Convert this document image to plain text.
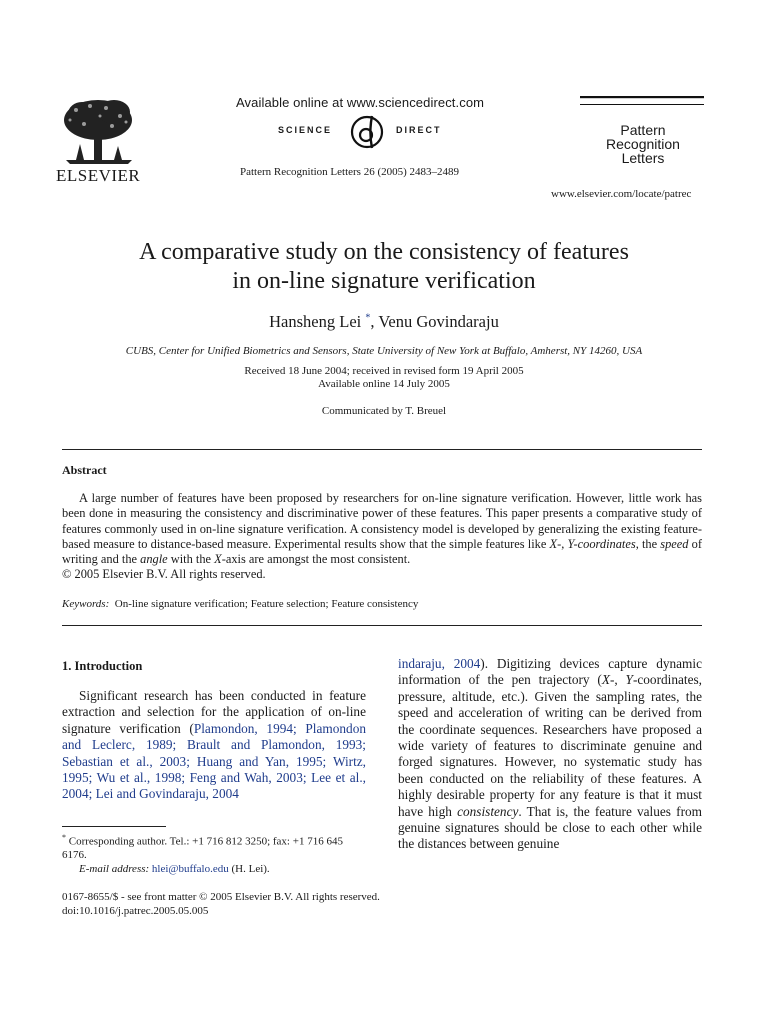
ELSEVIER
Available online at www.sciencedirect.com
SCIENCE	DIRECT
Pattern Recognition Letters 26 (2005) 2483–2489
Pattern Recognition
Letters
www.elsevier.com/locate/patrec
A comparative study on the consistency of features
in on-line signature verification
Hansheng Lei *, Venu Govindaraju
CUBS, Center for Unified Biometrics and Sensors, State University of New York at Buffalo, Amherst, NY 14260, USA
Received 18 June 2004; received in revised form 19 April 2005
Available online 14 July 2005
Communicated by T. Breuel
Abstract

A large number of features have been proposed by researchers for on-line signature verification. However, little work has been done in measuring the consistency and discriminative power of these features. This paper presents a comparative study of features commonly used in on-line signature verification. A consistency model is developed by generalizing the existing feature-based measure to distance-based measure. Experimental results show that the simple features like X-, Y-coordinates, the speed of writing and the angle with the X-axis are amongst the most consistent.

© 2005 Elsevier B.V. All rights reserved.
Keywords: On-line signature verification; Feature selection; Feature consistency
1. Introduction
Significant research has been conducted in feature extraction and selection for the application of on-line signature verification (Plamondon, 1994; Plamondon and Leclerc, 1989; Brault and Plamondon, 1993; Sebastian et al., 2003; Huang and Yan, 1995; Wirtz, 1995; Wu et al., 1998; Feng and Wah, 2003; Lee et al., 2004; Lei and Govindaraju, 2004
indaraju, 2004). Digitizing devices capture dynamic information of the pen trajectory (X-, Y-coordinates, pressure, altitude, etc.). Given the sampling rates, the speed and acceleration of writing can be derived from the coordinate sequences. Researchers have proposed a wide variety of features to discriminate genuine and forged signatures. However, no systematic study has been conducted on the reliability of these features. A highly desirable property for any feature is that it must have high consistency. That is, the feature values from genuine signatures should be close to each other while the distances between genuine
* Corresponding author. Tel.: +1 716 812 3250; fax: +1 716 645 6176.
E-mail address: hlei@buffalo.edu (H. Lei).
0167-8655/$ - see front matter © 2005 Elsevier B.V. All rights reserved.
doi:10.1016/j.patrec.2005.05.005
